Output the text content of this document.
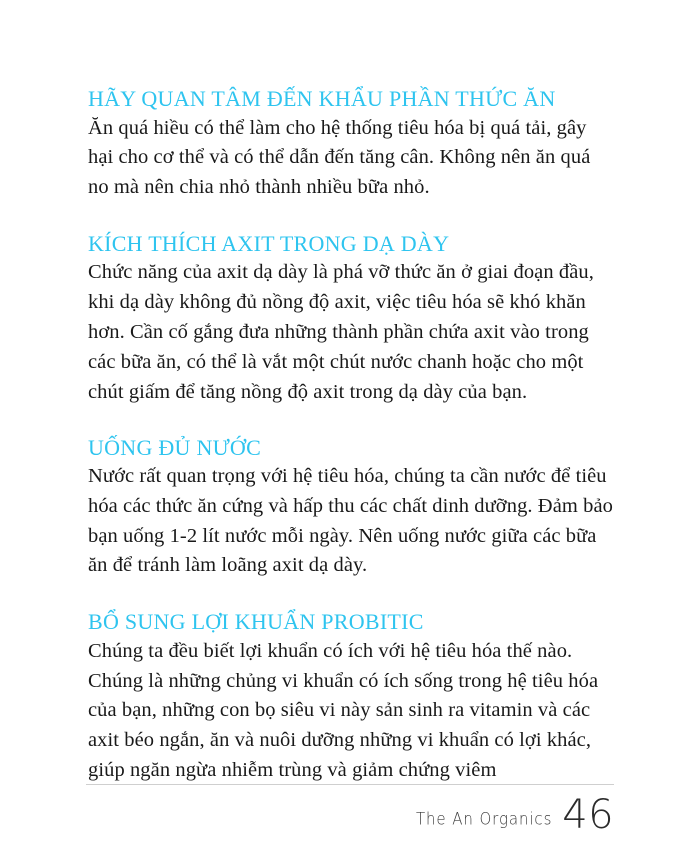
HÃY QUAN TÂM ĐẾN KHẨU PHẦN THỨC ĂN

Ăn quá hiều có thể làm cho hệ thống tiêu hóa bị quá tải, gây hại cho cơ thể và có thể dẫn đến tăng cân. Không nên ăn quá no mà nên chia nhỏ thành nhiều bữa nhỏ.

KÍCH THÍCH AXIT TRONG DẠ DÀY

Chức năng của axit dạ dày là phá vỡ thức ăn ở giai đoạn đầu, khi dạ dày không đủ nồng độ axit, việc tiêu hóa sẽ khó khăn hơn. Cần cố gắng đưa những thành phần chứa axit vào trong các bữa ăn, có thể là vắt một chút nước chanh hoặc cho một chút giấm để tăng nồng độ axit trong dạ dày của bạn.

UỐNG ĐỦ NƯỚC

Nước rất quan trọng với hệ tiêu hóa, chúng ta cần nước để tiêu hóa các thức ăn cứng và hấp thu các chất dinh dưỡng. Đảm bảo bạn uống 1-2 lít nước mỗi ngày. Nên uống nước giữa các bữa ăn để tránh làm loãng axit dạ dày.

BỔ SUNG LỢI KHUẨN PROBITIC

Chúng ta đều biết lợi khuẩn có ích với hệ tiêu hóa thế nào. Chúng là những chủng vi khuẩn có ích sống trong hệ tiêu hóa của bạn, những con bọ siêu vi này sản sinh ra vitamin và các axit béo ngắn, ăn và nuôi dưỡng những vi khuẩn có lợi khác, giúp ngăn ngừa nhiễm trùng và giảm chứng viêm

The An Organics 46
